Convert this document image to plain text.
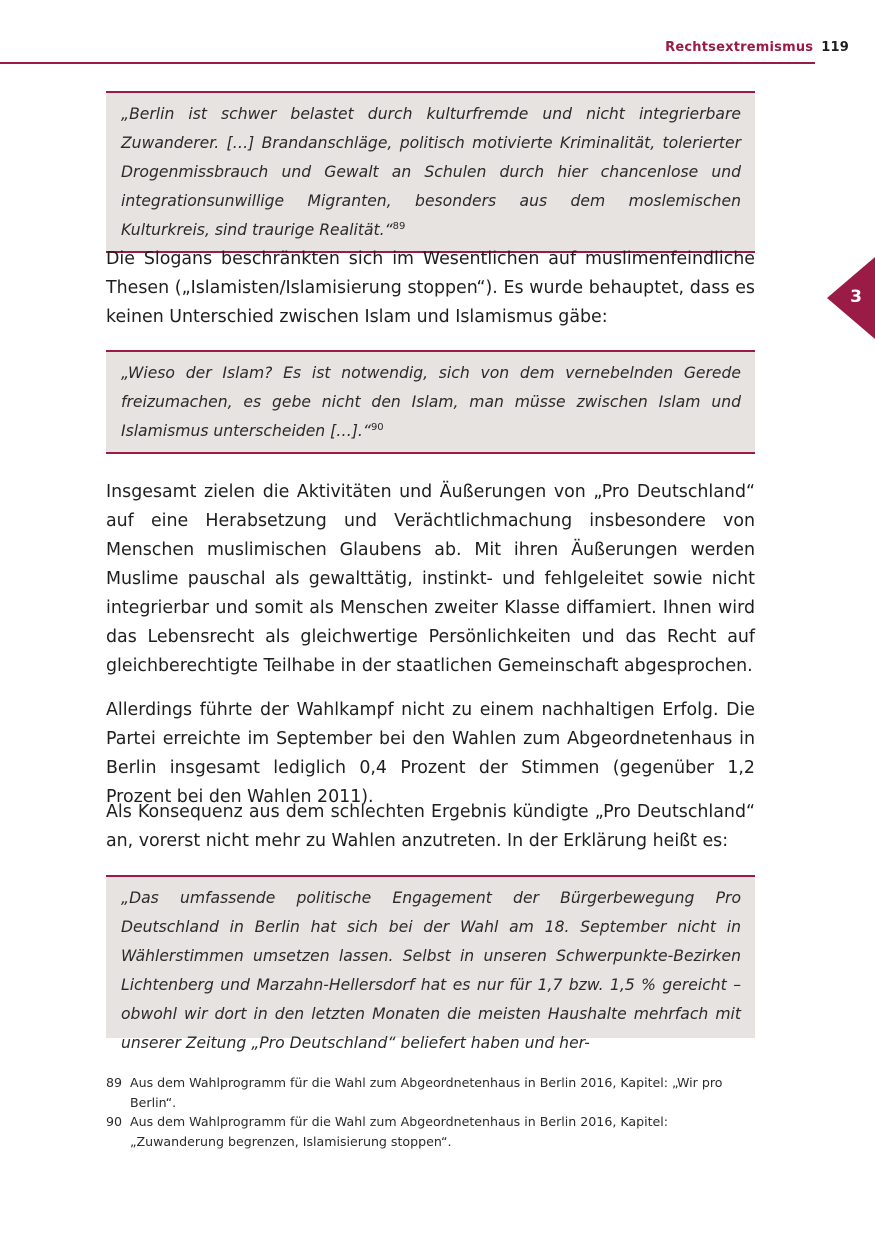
Rechtsextremismus 119
3
„Berlin ist schwer belastet durch kulturfremde und nicht integrierbare Zuwanderer. […] Brandanschläge, politisch motivierte Kriminalität, tolerierter Drogenmissbrauch und Gewalt an Schulen durch hier chancenlose und integrationsunwillige Migranten, besonders aus dem moslemischen Kulturkreis, sind traurige Realität.“$^{89}$
Die Slogans beschränkten sich im Wesentlichen auf muslimenfeindliche Thesen („Islamisten/Islamisierung stoppen“). Es wurde behauptet, dass es keinen Unterschied zwischen Islam und Islamismus gäbe:
„Wieso der Islam? Es ist notwendig, sich von dem vernebelnden Gerede freizumachen, es gebe nicht den Islam, man müsse zwischen Islam und Islamismus unterscheiden […].“$^{90}$
Insgesamt zielen die Aktivitäten und Äußerungen von „Pro Deutschland“ auf eine Herabsetzung und Verächtlichmachung insbesondere von Menschen muslimischen Glaubens ab. Mit ihren Äußerungen werden Muslime pauschal als gewalttätig, instinkt- und fehlgeleitet sowie nicht integrierbar und somit als Menschen zweiter Klasse diffamiert. Ihnen wird das Lebensrecht als gleichwertige Persönlichkeiten und das Recht auf gleichberechtigte Teilhabe in der staatlichen Gemeinschaft abgesprochen.
Allerdings führte der Wahlkampf nicht zu einem nachhaltigen Erfolg. Die Partei erreichte im September bei den Wahlen zum Abgeordnetenhaus in Berlin insgesamt lediglich 0,4 Prozent der Stimmen (gegenüber 1,2 Prozent bei den Wahlen 2011).
Als Konsequenz aus dem schlechten Ergebnis kündigte „Pro Deutschland“ an, vorerst nicht mehr zu Wahlen anzutreten. In der Erklärung heißt es:
„Das umfassende politische Engagement der Bürgerbewegung Pro Deutschland in Berlin hat sich bei der Wahl am 18. September nicht in Wählerstimmen umsetzen lassen. Selbst in unseren Schwerpunkte-Bezirken Lichtenberg und Marzahn-Hellersdorf hat es nur für 1,7 bzw. 1,5 % gereicht – obwohl wir dort in den letzten Monaten die meisten Haushalte mehrfach mit unserer Zeitung „Pro Deutschland“ beliefert haben und her-
89 Aus dem Wahlprogramm für die Wahl zum Abgeordnetenhaus in Berlin 2016, Kapitel: „Wir pro Berlin“.
90 Aus dem Wahlprogramm für die Wahl zum Abgeordnetenhaus in Berlin 2016, Kapitel: „Zuwanderung begrenzen, Islamisierung stoppen“.
